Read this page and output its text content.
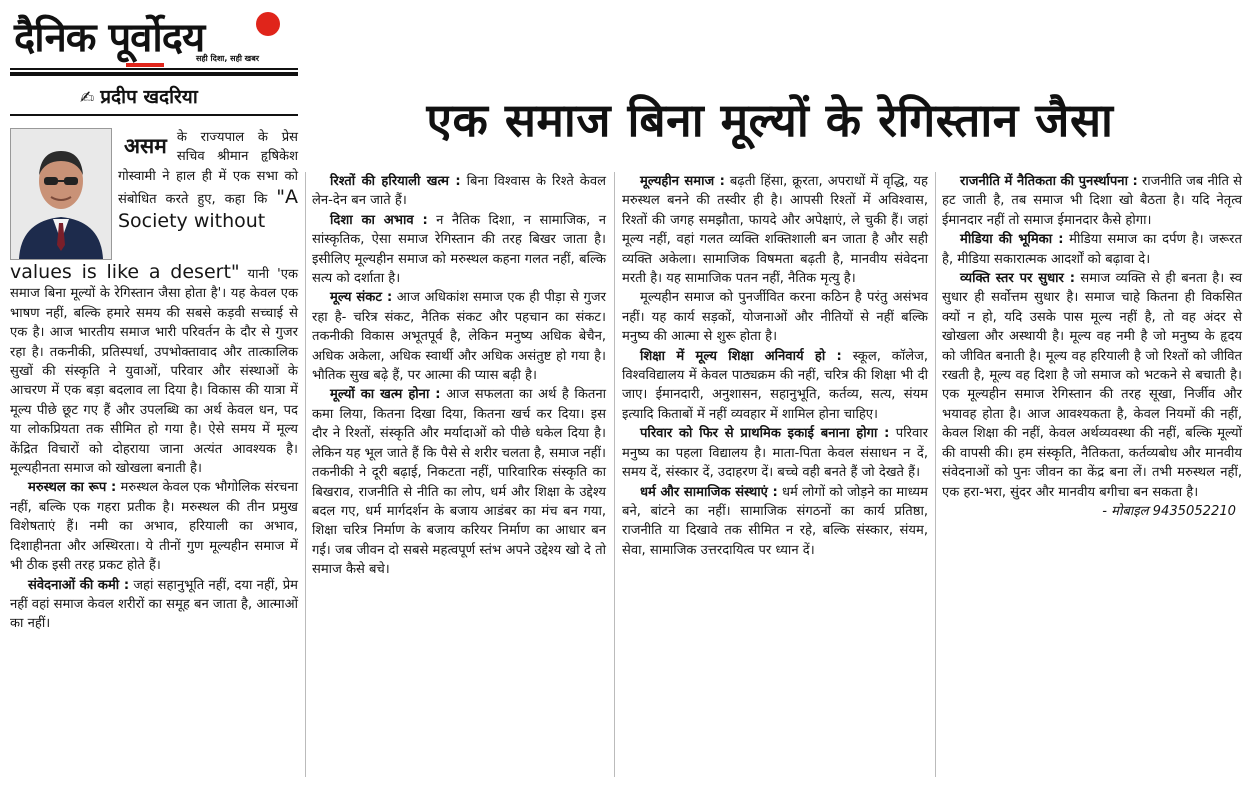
दैनिक पूर्वोदय
सही दिशा, सही खबर
✍ प्रदीप खदरिया	एक समाज बिना मूल्यों के रेगिस्तान जैसा

असम के राज्यपाल के प्रेस सचिव श्रीमान हृषिकेश गोस्वामी ने हाल ही में एक सभा को संबोधित करते हुए, कहा कि "A Society without

values is like a desert" यानी 'एक समाज बिना मूल्यों के रेगिस्तान जैसा होता है'। यह केवल एक भाषण नहीं, बल्कि हमारे समय की सबसे कड़वी सच्चाई से एक है। आज भारतीय समाज भारी परिवर्तन के दौर से गुजर रहा है। तकनीकी, प्रतिस्पर्धा, उपभोक्तावाद और तात्कालिक सुखों की संस्कृति ने युवाओं, परिवार और संस्थाओं के आचरण में एक बड़ा बदलाव ला दिया है। विकास की यात्रा में मूल्य पीछे छूट गए हैं और उपलब्धि का अर्थ केवल धन, पद या लोकप्रियता तक सीमित हो गया है। ऐसे समय में मूल्य केंद्रित विचारों को दोहराया जाना अत्यंत आवश्यक है। मूल्यहीनता समाज को खोखला बनाती है।

मरुस्थल का रूप : मरुस्थल केवल एक भौगोलिक संरचना नहीं, बल्कि एक गहरा प्रतीक है। मरुस्थल की तीन प्रमुख विशेषताएं हैं। नमी का अभाव, हरियाली का अभाव, दिशाहीनता और अस्थिरता। ये तीनों गुण मूल्यहीन समाज में भी ठीक इसी तरह प्रकट होते हैं।

संवेदनाओं की कमी : जहां सहानुभूति नहीं, दया नहीं, प्रेम नहीं वहां समाज केवल शरीरों का समूह बन जाता है, आत्माओं का नहीं।

रिश्तों की हरियाली खत्म : बिना विश्वास के रिश्ते केवल लेन-देन बन जाते हैं।

दिशा का अभाव : न नैतिक दिशा, न सामाजिक, न सांस्कृतिक, ऐसा समाज रेगिस्तान की तरह बिखर जाता है। इसीलिए मूल्यहीन समाज को मरुस्थल कहना गलत नहीं, बल्कि सत्य को दर्शाता है।

मूल्य संकट : आज अधिकांश समाज एक ही पीड़ा से गुजर रहा है- चरित्र संकट, नैतिक संकट और पहचान का संकट। तकनीकी विकास अभूतपूर्व है, लेकिन मनुष्य अधिक बेचैन, अधिक अकेला, अधिक स्वार्थी और अधिक असंतुष्ट हो गया है। भौतिक सुख बढ़े हैं, पर आत्मा की प्यास बढ़ी है।

मूल्यों का खत्म होना : आज सफलता का अर्थ है कितना कमा लिया, कितना दिखा दिया, कितना खर्च कर दिया। इस दौर ने रिश्तों, संस्कृति और मर्यादाओं को पीछे धकेल दिया है। लेकिन यह भूल जाते हैं कि पैसे से शरीर चलता है, समाज नहीं। तकनीकी ने दूरी बढ़ाई, निकटता नहीं, पारिवारिक संस्कृति का बिखराव, राजनीति से नीति का लोप, धर्म और शिक्षा के उद्देश्य बदल गए, धर्म मार्गदर्शन के बजाय आडंबर का मंच बन गया, शिक्षा चरित्र निर्माण के बजाय करियर निर्माण का आधार बन गई। जब जीवन दो सबसे महत्वपूर्ण स्तंभ अपने उद्देश्य खो दे तो समाज कैसे बचे।

मूल्यहीन समाज : बढ़ती हिंसा, क्रूरता, अपराधों में वृद्धि, यह मरुस्थल बनने की तस्वीर ही है। आपसी रिश्तों में अविश्वास, रिश्तों की जगह समझौता, फायदे और अपेक्षाएं, ले चुकी हैं। जहां मूल्य नहीं, वहां गलत व्यक्ति शक्तिशाली बन जाता है और सही व्यक्ति अकेला। सामाजिक विषमता बढ़ती है, मानवीय संवेदना मरती है। यह सामाजिक पतन नहीं, नैतिक मृत्यु है।

मूल्यहीन समाज को पुनर्जीवित करना कठिन है परंतु असंभव नहीं। यह कार्य सड़कों, योजनाओं और नीतियों से नहीं बल्कि मनुष्य की आत्मा से शुरू होता है।

शिक्षा में मूल्य शिक्षा अनिवार्य हो : स्कूल, कॉलेज, विश्वविद्यालय में केवल पाठ्यक्रम की नहीं, चरित्र की शिक्षा भी दी जाए। ईमानदारी, अनुशासन, सहानुभूति, कर्तव्य, सत्य, संयम इत्यादि किताबों में नहीं व्यवहार में शामिल होना चाहिए।

परिवार को फिर से प्राथमिक इकाई बनाना होगा : परिवार मनुष्य का पहला विद्यालय है। माता-पिता केवल संसाधन न दें, समय दें, संस्कार दें, उदाहरण दें। बच्चे वही बनते हैं जो देखते हैं।

धर्म और सामाजिक संस्थाएं : धर्म लोगों को जोड़ने का माध्यम बने, बांटने का नहीं। सामाजिक संगठनों का कार्य प्रतिष्ठा, राजनीति या दिखावे तक सीमित न रहे, बल्कि संस्कार, संयम, सेवा, सामाजिक उत्तरदायित्व पर ध्यान दें।

राजनीति में नैतिकता की पुनर्स्थापना : राजनीति जब नीति से हट जाती है, तब समाज भी दिशा खो बैठता है। यदि नेतृत्व ईमानदार नहीं तो समाज ईमानदार कैसे होगा।

मीडिया की भूमिका : मीडिया समाज का दर्पण है। जरूरत है, मीडिया सकारात्मक आदर्शों को बढ़ावा दे।

व्यक्ति स्तर पर सुधार : समाज व्यक्ति से ही बनता है। स्व सुधार ही सर्वोत्तम सुधार है। समाज चाहे कितना ही विकसित क्यों न हो, यदि उसके पास मूल्य नहीं है, तो वह अंदर से खोखला और अस्थायी है। मूल्य वह नमी है जो मनुष्य के हृदय को जीवित बनाती है। मूल्य वह हरियाली है जो रिश्तों को जीवित रखती है, मूल्य वह दिशा है जो समाज को भटकने से बचाती है। एक मूल्यहीन समाज रेगिस्तान की तरह सूखा, निर्जीव और भयावह होता है। आज आवश्यकता है, केवल नियमों की नहीं, केवल शिक्षा की नहीं, केवल अर्थव्यवस्था की नहीं, बल्कि मूल्यों की वापसी की। हम संस्कृति, नैतिकता, कर्तव्यबोध और मानवीय संवेदनाओं को पुनः जीवन का केंद्र बना लें। तभी मरुस्थल नहीं, एक हरा-भरा, सुंदर और मानवीय बगीचा बन सकता है।

- मोबाइल 9435052210
